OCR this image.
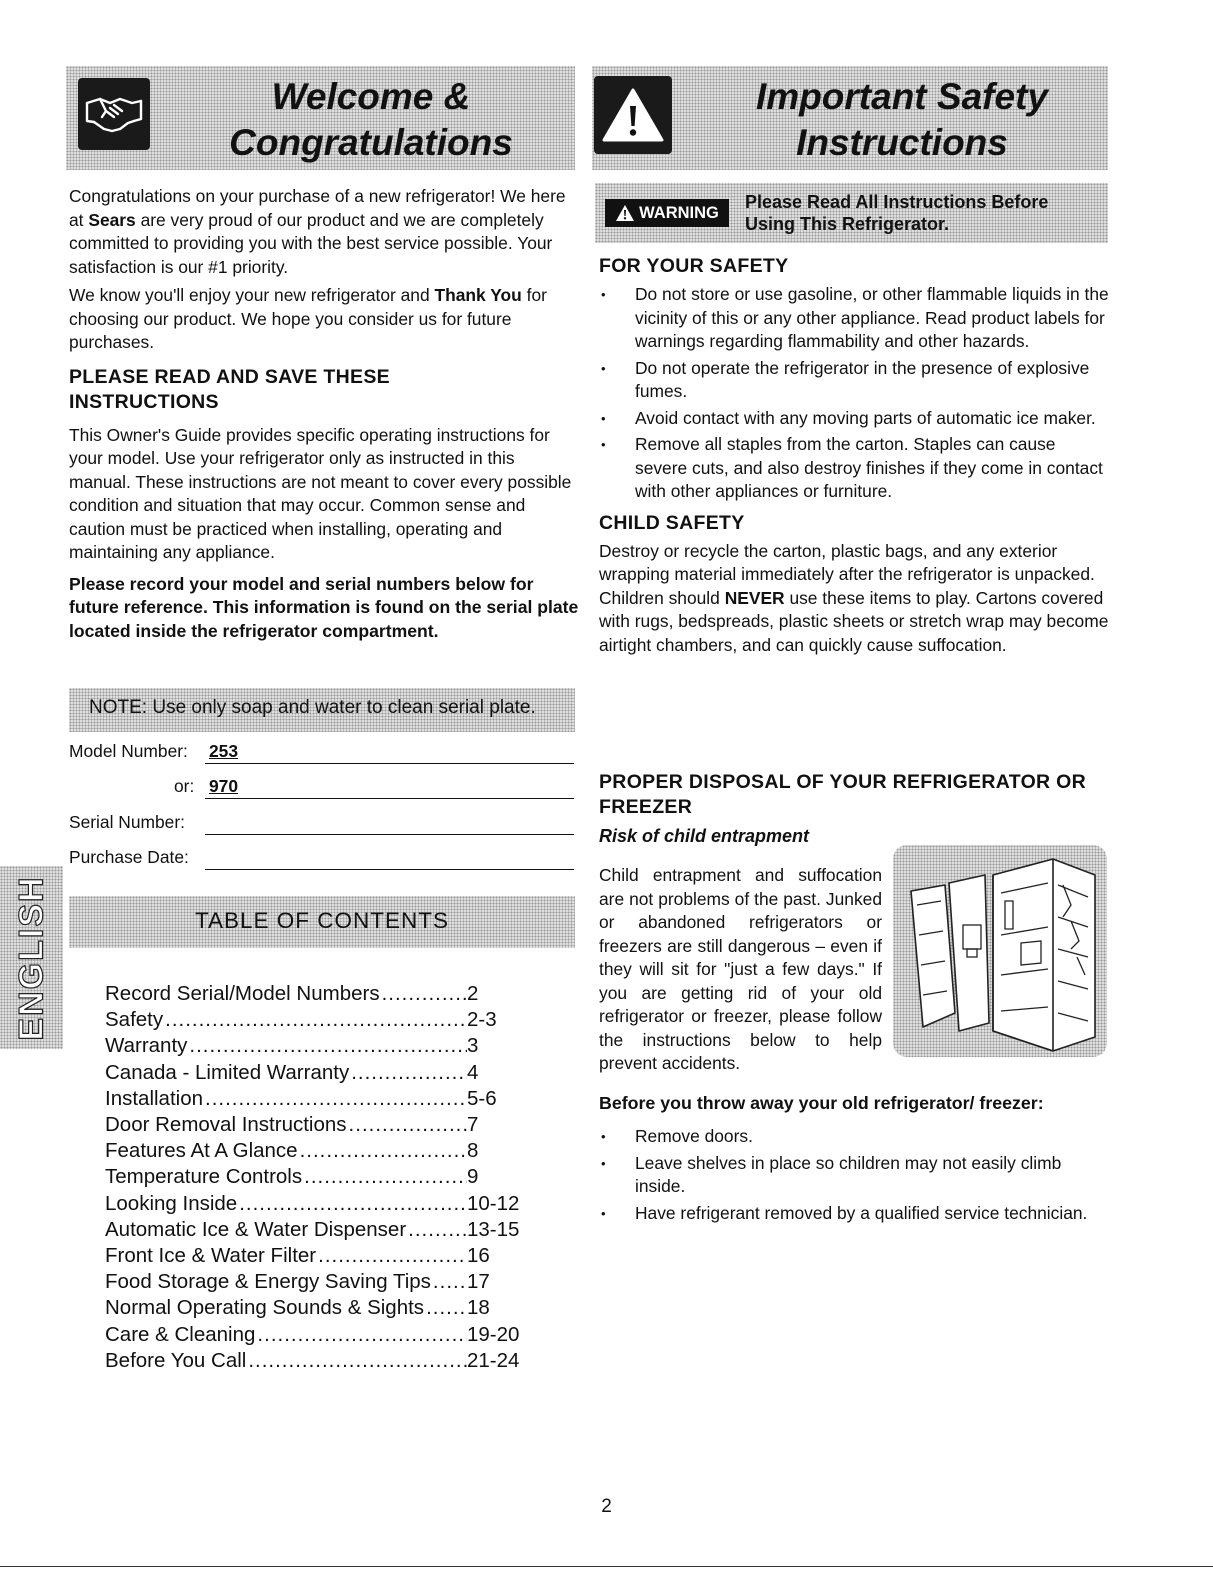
Welcome &
Congratulations
Important Safety
Instructions

Congratulations on your purchase of a new refrigerator! We here at Sears are very proud of our product and we are completely committed to providing you with the best service possible. Your satisfaction is our #1 priority.

We know you'll enjoy your new refrigerator and Thank You for choosing our product. We hope you consider us for future purchases.

PLEASE READ AND SAVE THESE INSTRUCTIONS

This Owner's Guide provides specific operating instructions for your model. Use your refrigerator only as instructed in this manual. These instructions are not meant to cover every possible condition and situation that may occur. Common sense and caution must be practiced when installing, operating and maintaining any appliance.

Please record your model and serial numbers below for future reference. This information is found on the serial plate located inside the refrigerator compartment.

NOTE: Use only soap and water to clean serial plate.
Model Number: 253
or: 970
Serial Number:
Purchase Date:
ENGLISH	TABLE OF CONTENTS
Record Serial/Model Numbers .....	2
Safety .....	2-3
Warranty .....	3
Canada - Limited Warranty .....	4
Installation .....	5-6
Door Removal Instructions .....	7
Features At A Glance .....	8
Temperature Controls .....	9
Looking Inside .....	10-12
Automatic Ice & Water Dispenser .....	13-15
Front Ice & Water Filter .....	16
Food Storage & Energy Saving Tips ..... 17
Normal Operating Sounds & Sights ..... 18
Care & Cleaning .....	19-20
Before You Call .....	21-24
WARNING
Please Read All Instructions Before
Using This Refrigerator.
FOR YOUR SAFETY
• Do not store or use gasoline, or other flammable liquids in the vicinity of this or any other appliance. Read product labels for warnings regarding flammability and other hazards.
• Do not operate the refrigerator in the presence of explosive fumes.
• Avoid contact with any moving parts of automatic ice maker.
• Remove all staples from the carton. Staples can cause severe cuts, and also destroy finishes if they come in contact with other appliances or furniture.
CHILD SAFETY

Destroy or recycle the carton, plastic bags, and any exterior wrapping material immediately after the refrigerator is unpacked. Children should NEVER use these items to play. Cartons covered with rugs, bedspreads, plastic sheets or stretch wrap may become airtight chambers, and can quickly cause suffocation.

PROPER DISPOSAL OF YOUR REFRIGERATOR OR FREEZER
Risk of child entrapment
Child entrapment and suffocation are not problems of the past. Junked or abandoned refrigerators or freezers are still dangerous – even if they will sit for "just a few days." If you are getting rid of your old refrigerator or freezer, please follow the instructions below to help prevent accidents.
Before you throw away your old refrigerator/ freezer:
• Remove doors.
• Leave shelves in place so children may not easily climb inside.
• Have refrigerant removed by a qualified service technician.
2
